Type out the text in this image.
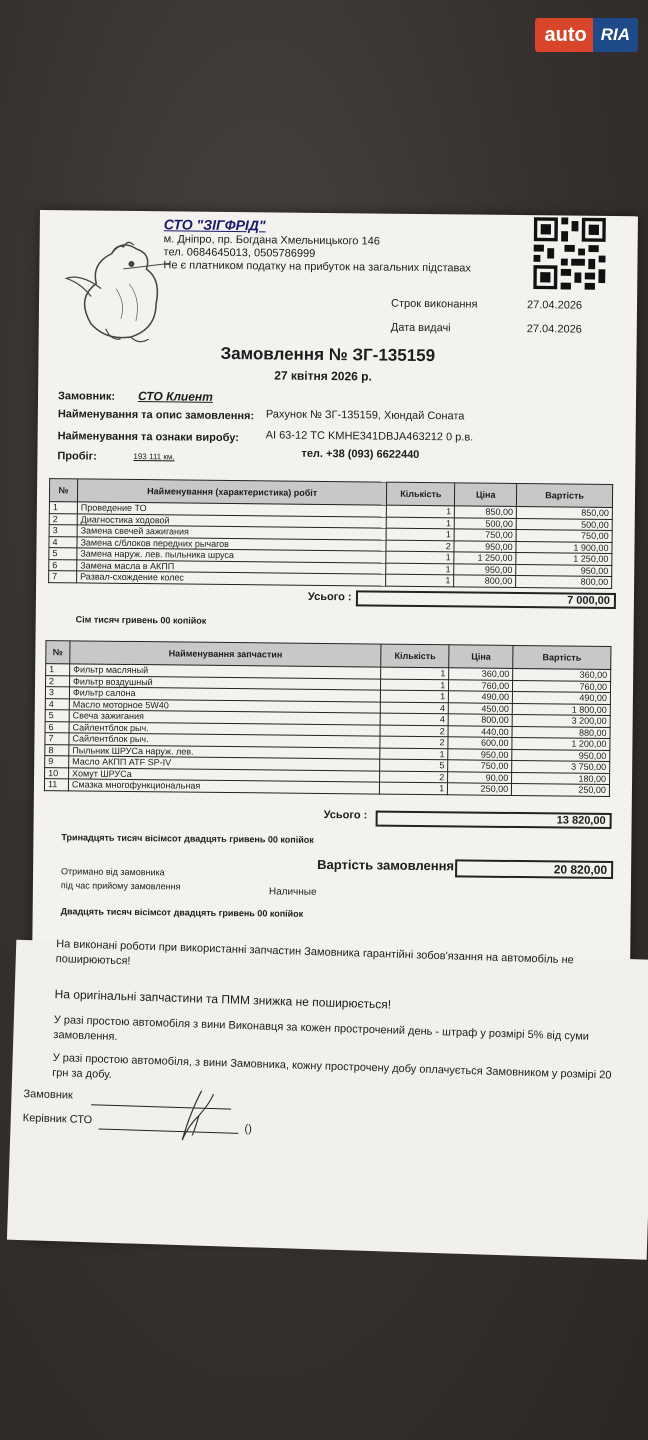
auto RIA
СТО "ЗІГФРІД"
м. Дніпро, пр. Богдана Хмельницького 146
тел. 0684645013, 0505786999
Не є платником податку на прибуток на загальних підставах
Строк виконання	27.04.2026
Дата видачі	27.04.2026
Замовлення № ЗГ-135159
27 квітня 2026 р.
Замовник: СТО Клиент
Найменування та опис замовлення: Рахунок № ЗГ-135159, Хюндай Соната
Найменування та ознаки виробу: АІ 63-12 ТС KMHE341DBJA463212 0 р.в.
Пробіг:	193 111 км.	тел. +38 (093) 6622440
№	Найменування (характеристика) робіт	Кількість	Ціна	Вартість
1	Проведение ТО	1	850,00	850,00
2	Диагностика ходовой	1	500,00	500,00
3	Замена свечей зажигания	1	750,00	750,00
4	Замена с/блоков передних рычагов	2	950,00	1 900,00
5	Замена наруж. лев. пыльника шруса	1	1 250,00	1 250,00
6	Замена масла в АКПП	1	950,00	950,00
7	Развал-схождение колес	1	800,00	800,00
Усього :	7 000,00
Сім тисяч гривень 00 копійок
№	Найменування запчастин	Кількість	Ціна	Вартість
1	Фильтр масляный	1	360,00	360,00
2	Фильтр воздушный	1	760,00	760,00
3	Фильтр салона	1	490,00	490,00
4	Масло моторное 5W40	4	450,00	1 800,00
5	Свеча зажигания	4	800,00	3 200,00
6	Сайлентблок рыч.	2	440,00	880,00
7	Сайлентблок рыч.	2	600,00	1 200,00
8	Пыльник ШРУСа наруж. лев.	1	950,00	950,00
9	Масло АКПП ATF SP-IV	5	750,00	3 750,00
10	Хомут ШРУСа	2	90,00	180,00
11	Смазка многофункциональная	1	250,00	250,00
Усього :	13 820,00
Тринадцять тисяч вісімсот двадцять гривень 00 копійок
Отримано від замовника
під час прийому замовлення
Наличные
Вартість замовлення:	20 820,00
Двадцять тисяч вісімсот двадцять гривень 00 копійок
На виконані роботи при використанні запчастин Замовника гарантійні зобов'язання на автомобіль не поширюються!
На оригінальні запчастини та ПММ знижка не поширюється!
У разі простою автомобіля з вини Виконавця за кожен прострочений день - штраф у розмірі 5% від суми замовлення.
У разі простою автомобіля, з вини Замовника, кожну прострочену добу оплачується Замовником у розмірі 20 грн за добу.
Замовник
Керівник СТО
()
